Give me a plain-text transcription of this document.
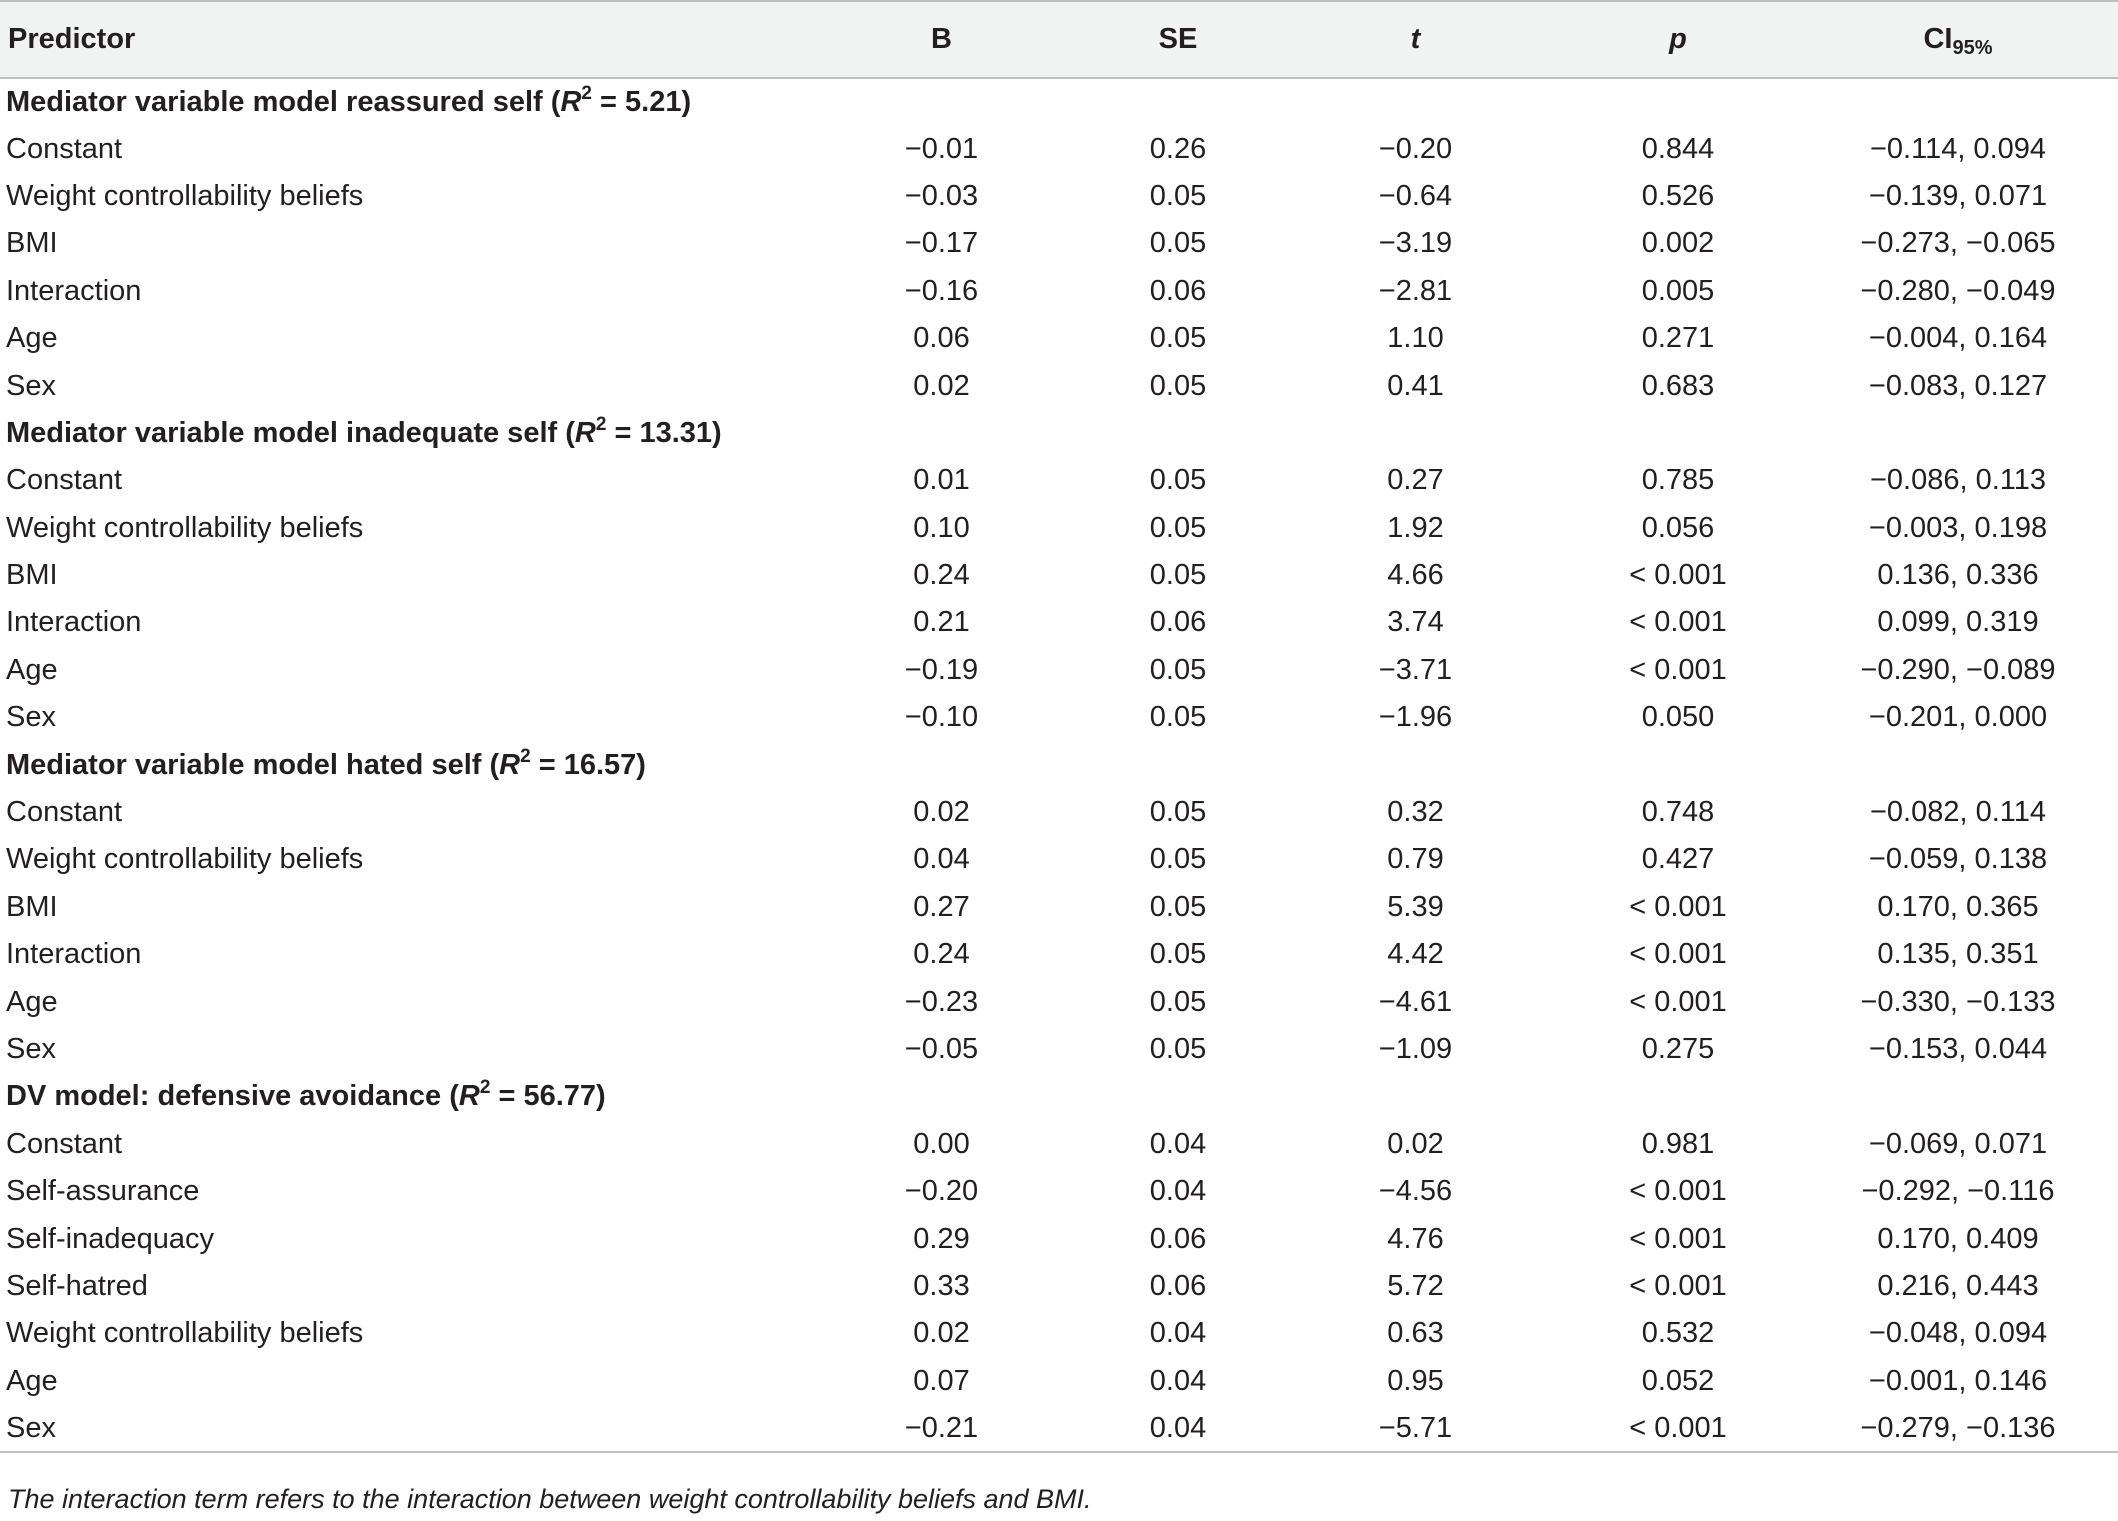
Predictor	B	SE	t	p	$CI_{95\%}$
Mediator variable model reassured self $(R^2 = 5.21)$					
Constant	−0.01	0.26	−0.20	0.844	−0.114, 0.094
Weight controllability beliefs	−0.03	0.05	−0.64	0.526	−0.139, 0.071
BMI	−0.17	0.05	−3.19	0.002	−0.273, −0.065
Interaction	−0.16	0.06	−2.81	0.005	−0.280, −0.049
Age	0.06	0.05	1.10	0.271	−0.004, 0.164
Sex	0.02	0.05	0.41	0.683	−0.083, 0.127
Mediator variable model inadequate self $(R^2 = 13.31)$					
Constant	0.01	0.05	0.27	0.785	−0.086, 0.113
Weight controllability beliefs	0.10	0.05	1.92	0.056	−0.003, 0.198
BMI	0.24	0.05	4.66	< 0.001	0.136, 0.336
Interaction	0.21	0.06	3.74	< 0.001	0.099, 0.319
Age	−0.19	0.05	−3.71	< 0.001	−0.290, −0.089
Sex	−0.10	0.05	−1.96	0.050	−0.201, 0.000
Mediator variable model hated self $(R^2 = 16.57)$					
Constant	0.02	0.05	0.32	0.748	−0.082, 0.114
Weight controllability beliefs	0.04	0.05	0.79	0.427	−0.059, 0.138
BMI	0.27	0.05	5.39	< 0.001	0.170, 0.365
Interaction	0.24	0.05	4.42	< 0.001	0.135, 0.351
Age	−0.23	0.05	−4.61	< 0.001	−0.330, −0.133
Sex	−0.05	0.05	−1.09	0.275	−0.153, 0.044
DV model: defensive avoidance $(R^2 = 56.77)$					
Constant	0.00	0.04	0.02	0.981	−0.069, 0.071
Self-assurance	−0.20	0.04	−4.56	< 0.001	−0.292, −0.116
Self-inadequacy	0.29	0.06	4.76	< 0.001	0.170, 0.409
Self-hatred	0.33	0.06	5.72	< 0.001	0.216, 0.443
Weight controllability beliefs	0.02	0.04	0.63	0.532	−0.048, 0.094
Age	0.07	0.04	0.95	0.052	−0.001, 0.146
Sex	−0.21	0.04	−5.71	< 0.001	−0.279, −0.136
The interaction term refers to the interaction between weight controllability beliefs and BMI.
